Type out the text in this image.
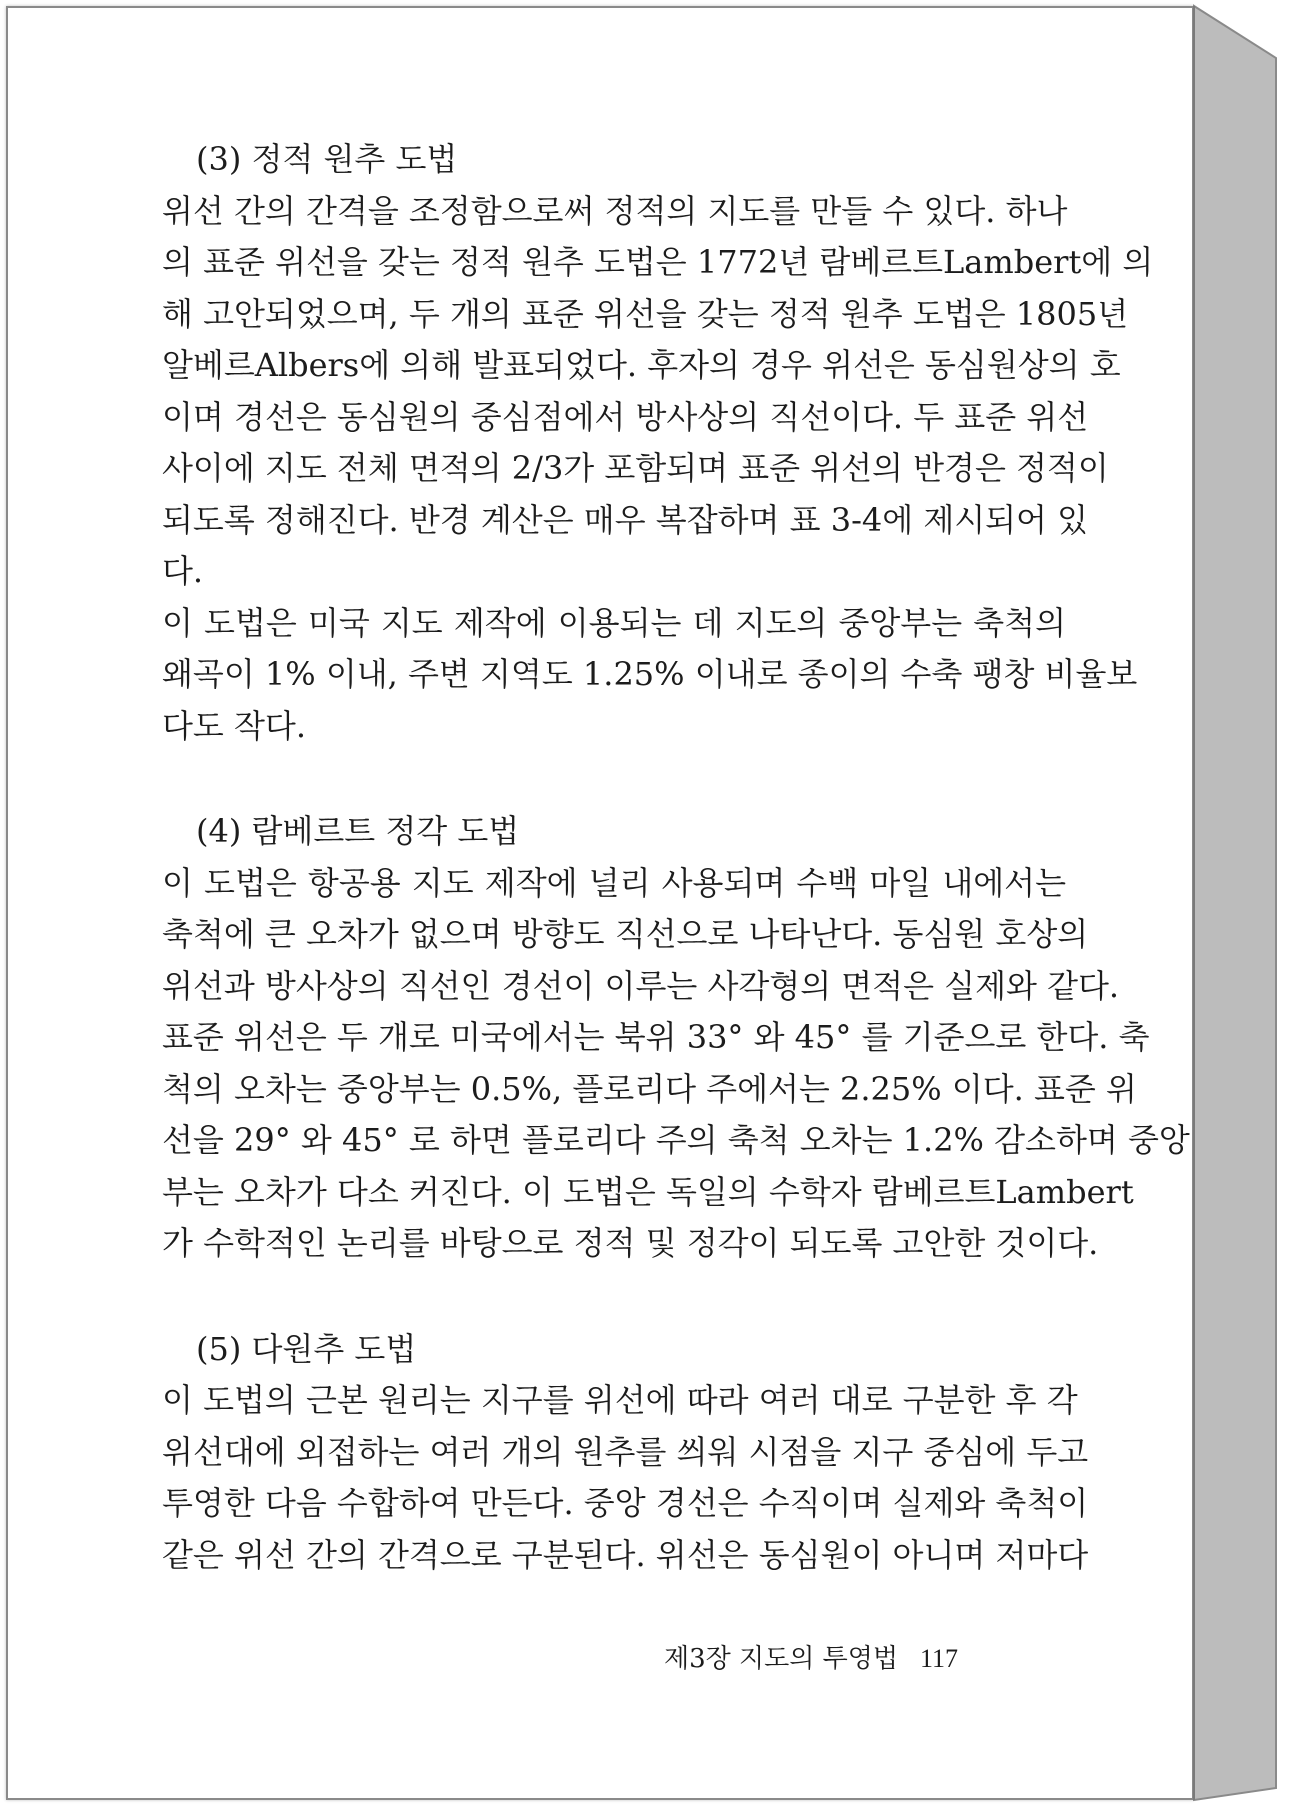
(3) 정적 원추 도법
위선 간의 간격을 조정함으로써 정적의 지도를 만들 수 있다. 하나
의 표준 위선을 갖는 정적 원추 도법은 1772년 람베르트Lambert에 의
해 고안되었으며, 두 개의 표준 위선을 갖는 정적 원추 도법은 1805년
알베르Albers에 의해 발표되었다. 후자의 경우 위선은 동심원상의 호
이며 경선은 동심원의 중심점에서 방사상의 직선이다. 두 표준 위선
사이에 지도 전체 면적의 2/3가 포함되며 표준 위선의 반경은 정적이
되도록 정해진다. 반경 계산은 매우 복잡하며 표 3-4에 제시되어 있
다.
이 도법은 미국 지도 제작에 이용되는 데 지도의 중앙부는 축척의
왜곡이 1% 이내, 주변 지역도 1.25% 이내로 종이의 수축 팽창 비율보
다도 작다.
(4) 람베르트 정각 도법
이 도법은 항공용 지도 제작에 널리 사용되며 수백 마일 내에서는
축척에 큰 오차가 없으며 방향도 직선으로 나타난다. 동심원 호상의
위선과 방사상의 직선인 경선이 이루는 사각형의 면적은 실제와 같다.
표준 위선은 두 개로 미국에서는 북위 33° 와 45° 를 기준으로 한다. 축
척의 오차는 중앙부는 0.5%, 플로리다 주에서는 2.25% 이다. 표준 위
선을 29° 와 45° 로 하면 플로리다 주의 축척 오차는 1.2% 감소하며 중앙
부는 오차가 다소 커진다. 이 도법은 독일의 수학자 람베르트Lambert
가 수학적인 논리를 바탕으로 정적 및 정각이 되도록 고안한 것이다.
(5) 다원추 도법
이 도법의 근본 원리는 지구를 위선에 따라 여러 대로 구분한 후 각
위선대에 외접하는 여러 개의 원추를 씌워 시점을 지구 중심에 두고
투영한 다음 수합하여 만든다. 중앙 경선은 수직이며 실제와 축척이
같은 위선 간의 간격으로 구분된다. 위선은 동심원이 아니며 저마다
제3장 지도의 투영법 117
